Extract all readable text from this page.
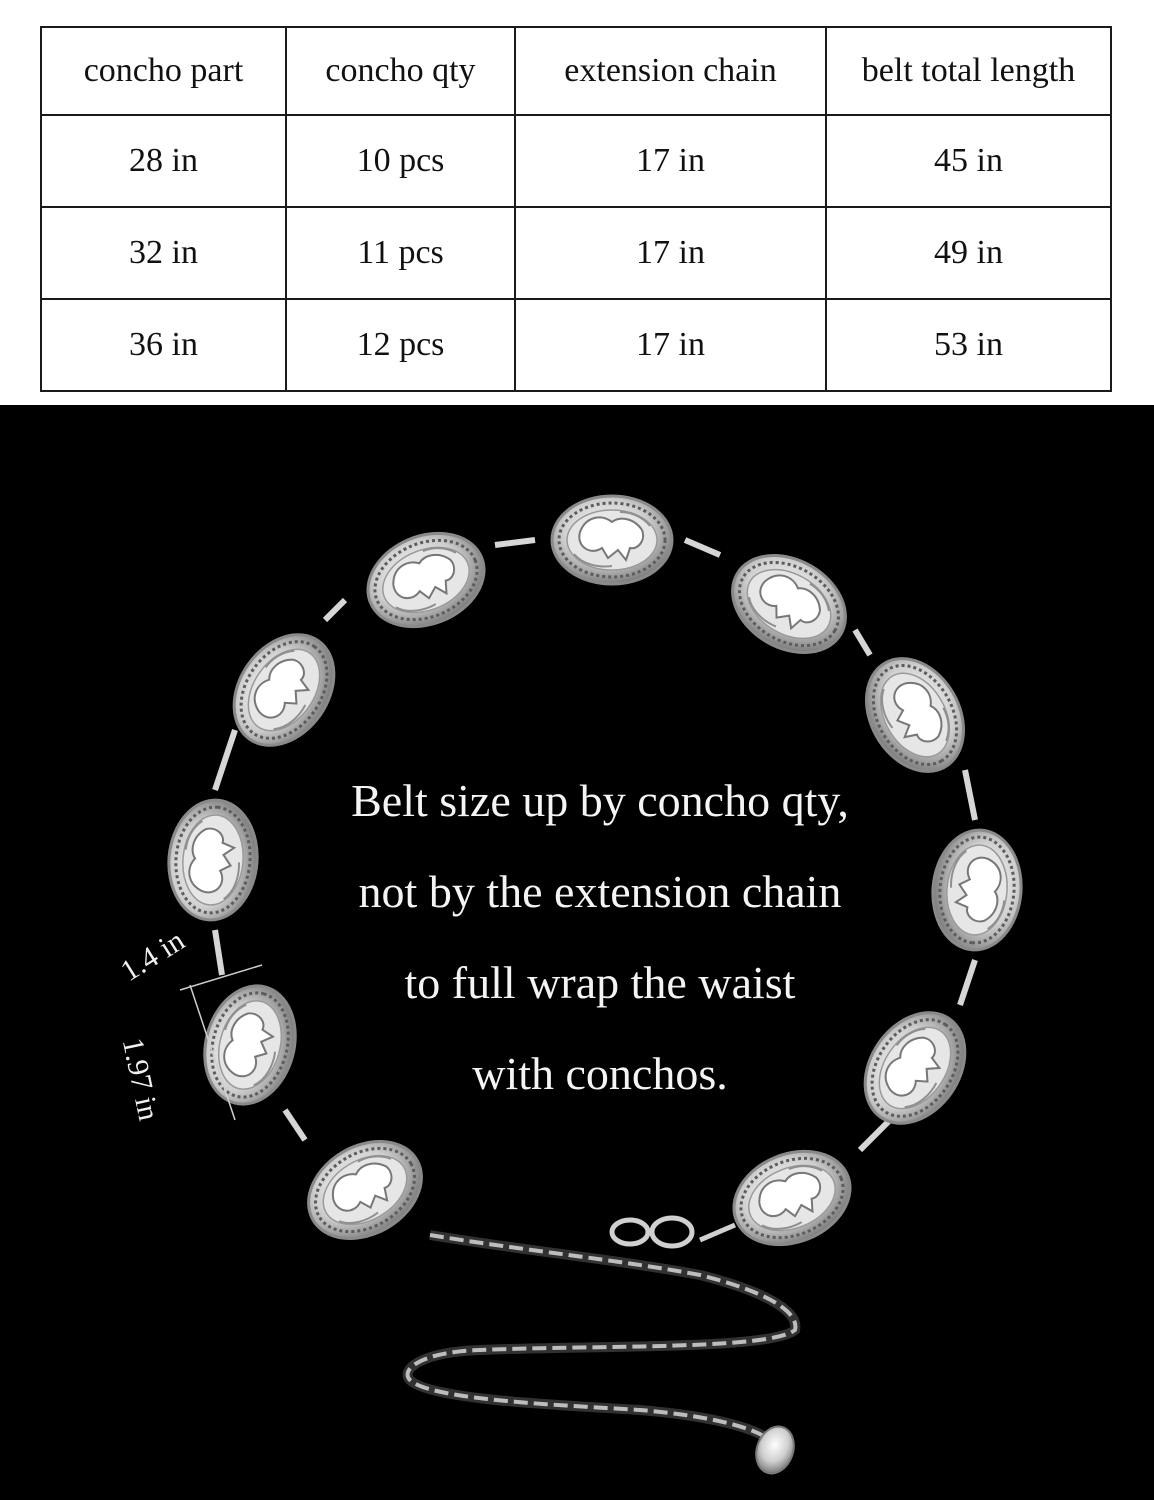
concho part	concho qty	extension chain	belt total length
28 in	10 pcs	17 in	45 in
32 in	11 pcs	17 in	49 in
36 in	12 pcs	17 in	53 in
Belt size up by concho qty,
not by the extension chain
to full wrap the waist
with conchos.
1.4 in
1.97 in
